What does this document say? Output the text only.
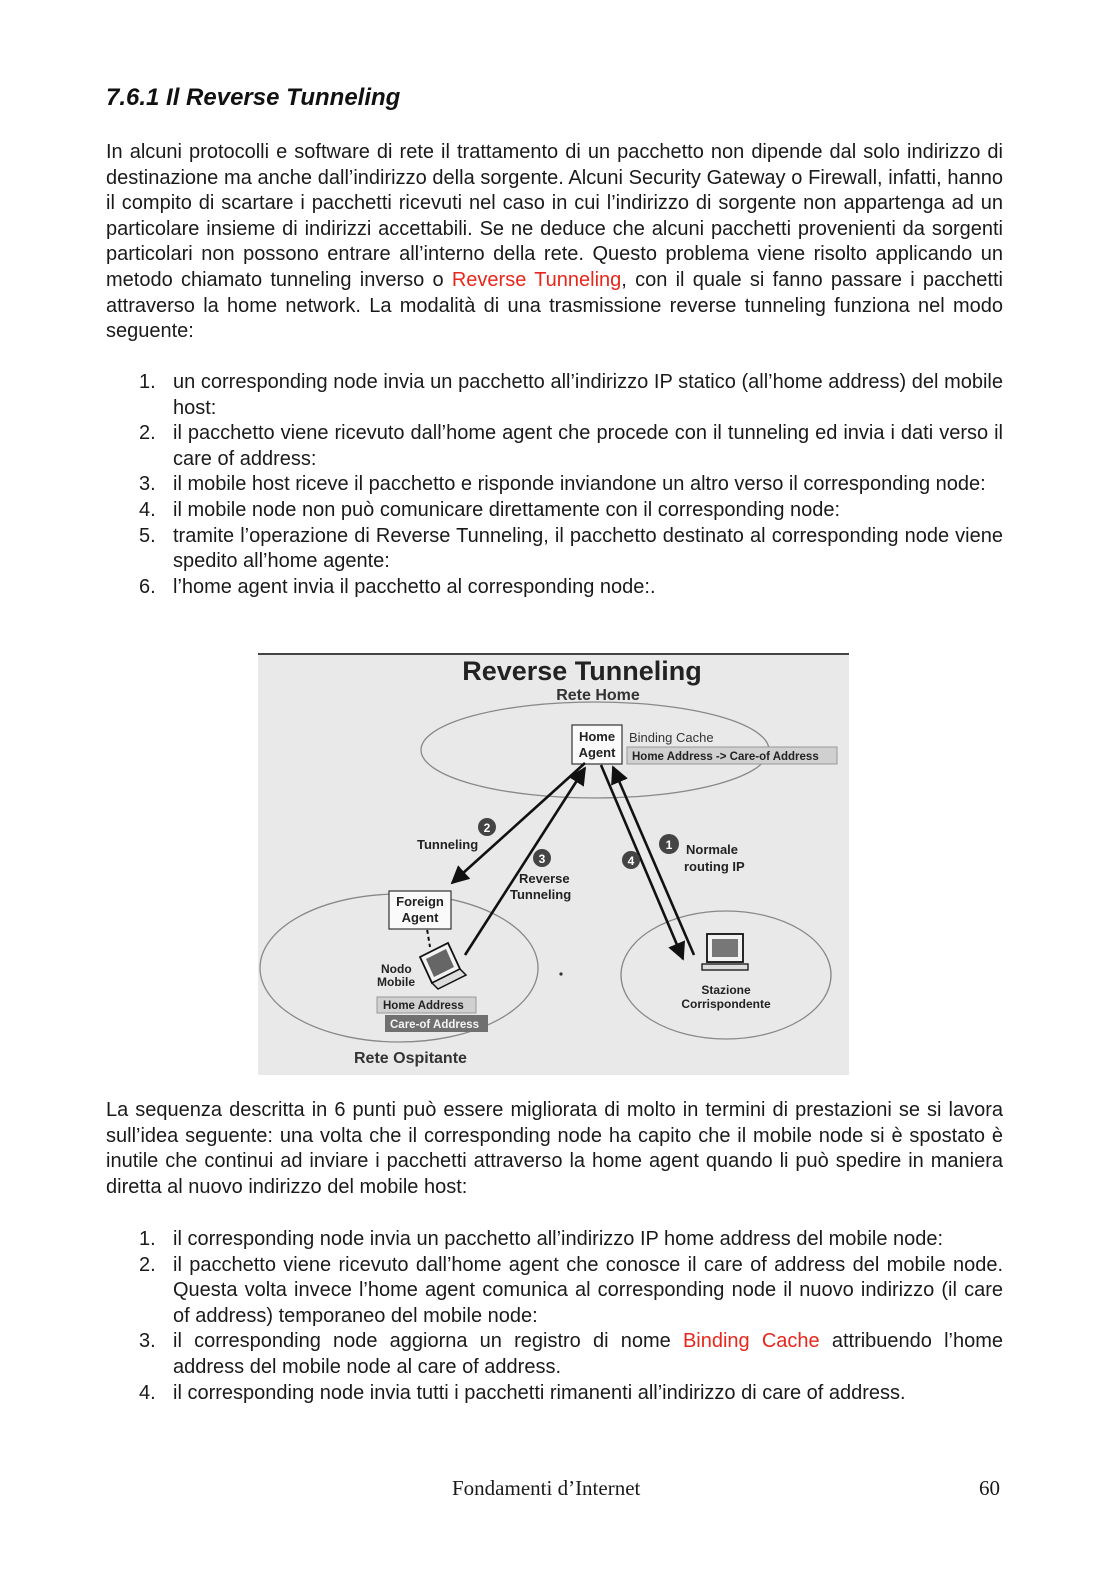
7.6.1 Il Reverse Tunneling

In alcuni protocolli e software di rete il trattamento di un pacchetto non dipende dal solo indirizzo di destinazione ma anche dall’indirizzo della sorgente. Alcuni Security Gateway o Firewall, infatti, hanno il compito di scartare i pacchetti ricevuti nel caso in cui l’indirizzo di sorgente non appartenga ad un particolare insieme di indirizzi accettabili. Se ne deduce che alcuni pacchetti provenienti da sorgenti particolari non possono entrare all’interno della rete. Questo problema viene risolto applicando un metodo chiamato tunneling inverso o Reverse Tunneling, con il quale si fanno passare i pacchetti attraverso la home network. La modalità di una trasmissione reverse tunneling funziona nel modo seguente:

1. un corresponding node invia un pacchetto all’indirizzo IP statico (all’home address) del mobile host:
2. il pacchetto viene ricevuto dall’home agent che procede con il tunneling ed invia i dati verso il care of address:
3. il mobile host riceve il pacchetto e risponde inviandone un altro verso il corresponding node:
4. il mobile node non può comunicare direttamente con il corresponding node:
5. tramite l’operazione di Reverse Tunneling, il pacchetto destinato al corresponding node viene spedito all’home agente:
6. l’home agent invia il pacchetto al corresponding node:.
Reverse Tunneling
Rete Home
Home
Agent
Binding Cache
Home Address -> Care-of Address
2
3	4
1
Tunneling
Reverse
Tunneling
Normale
routing IP
Foreign
Agent
Nodo
Mobile
Home Address
Care-of Address
Stazione
Corrispondente
Rete Ospitante

La sequenza descritta in 6 punti può essere migliorata di molto in termini di prestazioni se si lavora sull’idea seguente: una volta che il corresponding node ha capito che il mobile node si è spostato è inutile che continui ad inviare i pacchetti attraverso la home agent quando li può spedire in maniera diretta al nuovo indirizzo del mobile host:

1. il corresponding node invia un pacchetto all’indirizzo IP home address del mobile node:
2. il pacchetto viene ricevuto dall’home agent che conosce il care of address del mobile node. Questa volta invece l’home agent comunica al corresponding node il nuovo indirizzo (il care of address) temporaneo del mobile node:
3. il corresponding node aggiorna un registro di nome Binding Cache attribuendo l’home address del mobile node al care of address.
4. il corresponding node invia tutti i pacchetti rimanenti all’indirizzo di care of address.
Fondamenti d’Internet	60
